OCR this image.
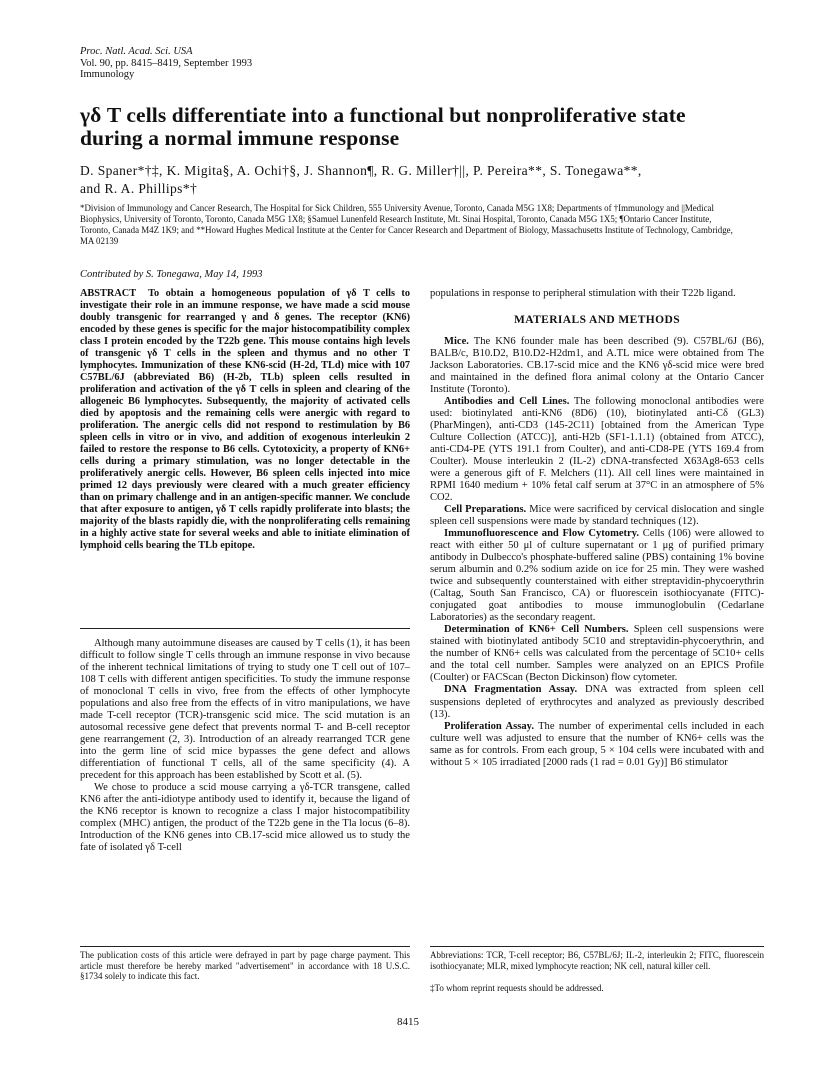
Proc. Natl. Acad. Sci. USA
Vol. 90, pp. 8415–8419, September 1993
Immunology
γδ T cells differentiate into a functional but nonproliferative state during a normal immune response
D. Spaner*†‡, K. Migita§, A. Ochi†§, J. Shannon¶, R. G. Miller†||, P. Pereira**, S. Tonegawa**,
and R. A. Phillips*†
*Division of Immunology and Cancer Research, The Hospital for Sick Children, 555 University Avenue, Toronto, Canada M5G 1X8; Departments of †Immunology and ||Medical Biophysics, University of Toronto, Toronto, Canada M5G 1X8; §Samuel Lunenfeld Research Institute, Mt. Sinai Hospital, Toronto, Canada M5G 1X5; ¶Ontario Cancer Institute, Toronto, Canada M4Z 1K9; and **Howard Hughes Medical Institute at the Center for Cancer Research and Department of Biology, Massachusetts Institute of Technology, Cambridge, MA 02139
Contributed by S. Tonegawa, May 14, 1993
ABSTRACT To obtain a homogeneous population of γδ T cells to investigate their role in an immune response, we have made a scid mouse doubly transgenic for rearranged γ and δ genes. The receptor (KN6) encoded by these genes is specific for the major histocompatibility complex class I protein encoded by the T22b gene. This mouse contains high levels of transgenic γδ T cells in the spleen and thymus and no other T lymphocytes. Immunization of these KN6-scid (H-2d, TLd) mice with 107 C57BL/6J (abbreviated B6) (H-2b, TLb) spleen cells resulted in proliferation and activation of the γδ T cells in spleen and clearing of the allogeneic B6 lymphocytes. Subsequently, the majority of activated cells died by apoptosis and the remaining cells were anergic with regard to proliferation. The anergic cells did not respond to restimulation by B6 spleen cells in vitro or in vivo, and addition of exogenous interleukin 2 failed to restore the response to B6 cells. Cytotoxicity, a property of KN6+ cells during a primary stimulation, was no longer detectable in the proliferatively anergic cells. However, B6 spleen cells injected into mice primed 12 days previously were cleared with a much greater efficiency than on primary challenge and in an antigen-specific manner. We conclude that after exposure to antigen, γδ T cells rapidly proliferate into blasts; the majority of the blasts rapidly die, with the nonproliferating cells remaining in a highly active state for several weeks and able to initiate elimination of lymphoid cells bearing the TLb epitope.

Although many autoimmune diseases are caused by T cells (1), it has been difficult to follow single T cells through an immune response in vivo because of the inherent technical limitations of trying to study one T cell out of 107–108 T cells with different antigen specificities. To study the immune response of monoclonal T cells in vivo, free from the effects of other lymphocyte populations and also free from the effects of in vitro manipulations, we have made T-cell receptor (TCR)-transgenic scid mice. The scid mutation is an autosomal recessive gene defect that prevents normal T- and B-cell receptor gene rearrangement (2, 3). Introduction of an already rearranged TCR gene into the germ line of scid mice bypasses the gene defect and allows differentiation of functional T cells, all of the same specificity (4). A precedent for this approach has been established by Scott et al. (5).

We chose to produce a scid mouse carrying a γδ-TCR transgene, called KN6 after the anti-idiotype antibody used to identify it, because the ligand of the KN6 receptor is known to recognize a class I major histocompatibility complex (MHC) antigen, the product of the T22b gene in the Tla locus (6–8). Introduction of the KN6 genes into CB.17-scid mice allowed us to study the fate of isolated γδ T-cell

The publication costs of this article were defrayed in part by page charge payment. This article must therefore be hereby marked "advertisement" in accordance with 18 U.S.C. §1734 solely to indicate this fact.

populations in response to peripheral stimulation with their T22b ligand.

MATERIALS AND METHODS

Mice. The KN6 founder male has been described (9). C57BL/6J (B6), BALB/c, B10.D2, B10.D2-H2dm1, and A.TL mice were obtained from The Jackson Laboratories. CB.17-scid mice and the KN6 γδ-scid mice were bred and maintained in the defined flora animal colony at the Ontario Cancer Institute (Toronto).

Antibodies and Cell Lines. The following monoclonal antibodies were used: biotinylated anti-KN6 (8D6) (10), biotinylated anti-Cδ (GL3) (PharMingen), anti-CD3 (145-2C11) [obtained from the American Type Culture Collection (ATCC)], anti-H2b (SF1-1.1.1) (obtained from ATCC), anti-CD4-PE (YTS 191.1 from Coulter), and anti-CD8-PE (YTS 169.4 from Coulter). Mouse interleukin 2 (IL-2) cDNA-transfected X63Ag8-653 cells were a generous gift of F. Melchers (11). All cell lines were maintained in RPMI 1640 medium + 10% fetal calf serum at 37°C in an atmosphere of 5% CO2.

Cell Preparations. Mice were sacrificed by cervical dislocation and single spleen cell suspensions were made by standard techniques (12).

Immunofluorescence and Flow Cytometry. Cells (106) were allowed to react with either 50 μl of culture supernatant or 1 μg of purified primary antibody in Dulbecco's phosphate-buffered saline (PBS) containing 1% bovine serum albumin and 0.2% sodium azide on ice for 25 min. They were washed twice and subsequently counterstained with either streptavidin-phycoerythrin (Caltag, South San Francisco, CA) or fluorescein isothiocyanate (FITC)-conjugated goat antibodies to mouse immunoglobulin (Cedarlane Laboratories) as the secondary reagent.

Determination of KN6+ Cell Numbers. Spleen cell suspensions were stained with biotinylated antibody 5C10 and streptavidin-phycoerythrin, and the number of KN6+ cells was calculated from the percentage of 5C10+ cells and the total cell number. Samples were analyzed on an EPICS Profile (Coulter) or FACScan (Becton Dickinson) flow cytometer.

DNA Fragmentation Assay. DNA was extracted from spleen cell suspensions depleted of erythrocytes and analyzed as previously described (13).

Proliferation Assay. The number of experimental cells included in each culture well was adjusted to ensure that the number of KN6+ cells was the same as for controls. From each group, 5 × 104 cells were incubated with and without 5 × 105 irradiated [2000 rads (1 rad = 0.01 Gy)] B6 stimulator

Abbreviations: TCR, T-cell receptor; B6, C57BL/6J; IL-2, interleukin 2; FITC, fluorescein isothiocyanate; MLR, mixed lymphocyte reaction; NK cell, natural killer cell.
‡To whom reprint requests should be addressed.
8415
